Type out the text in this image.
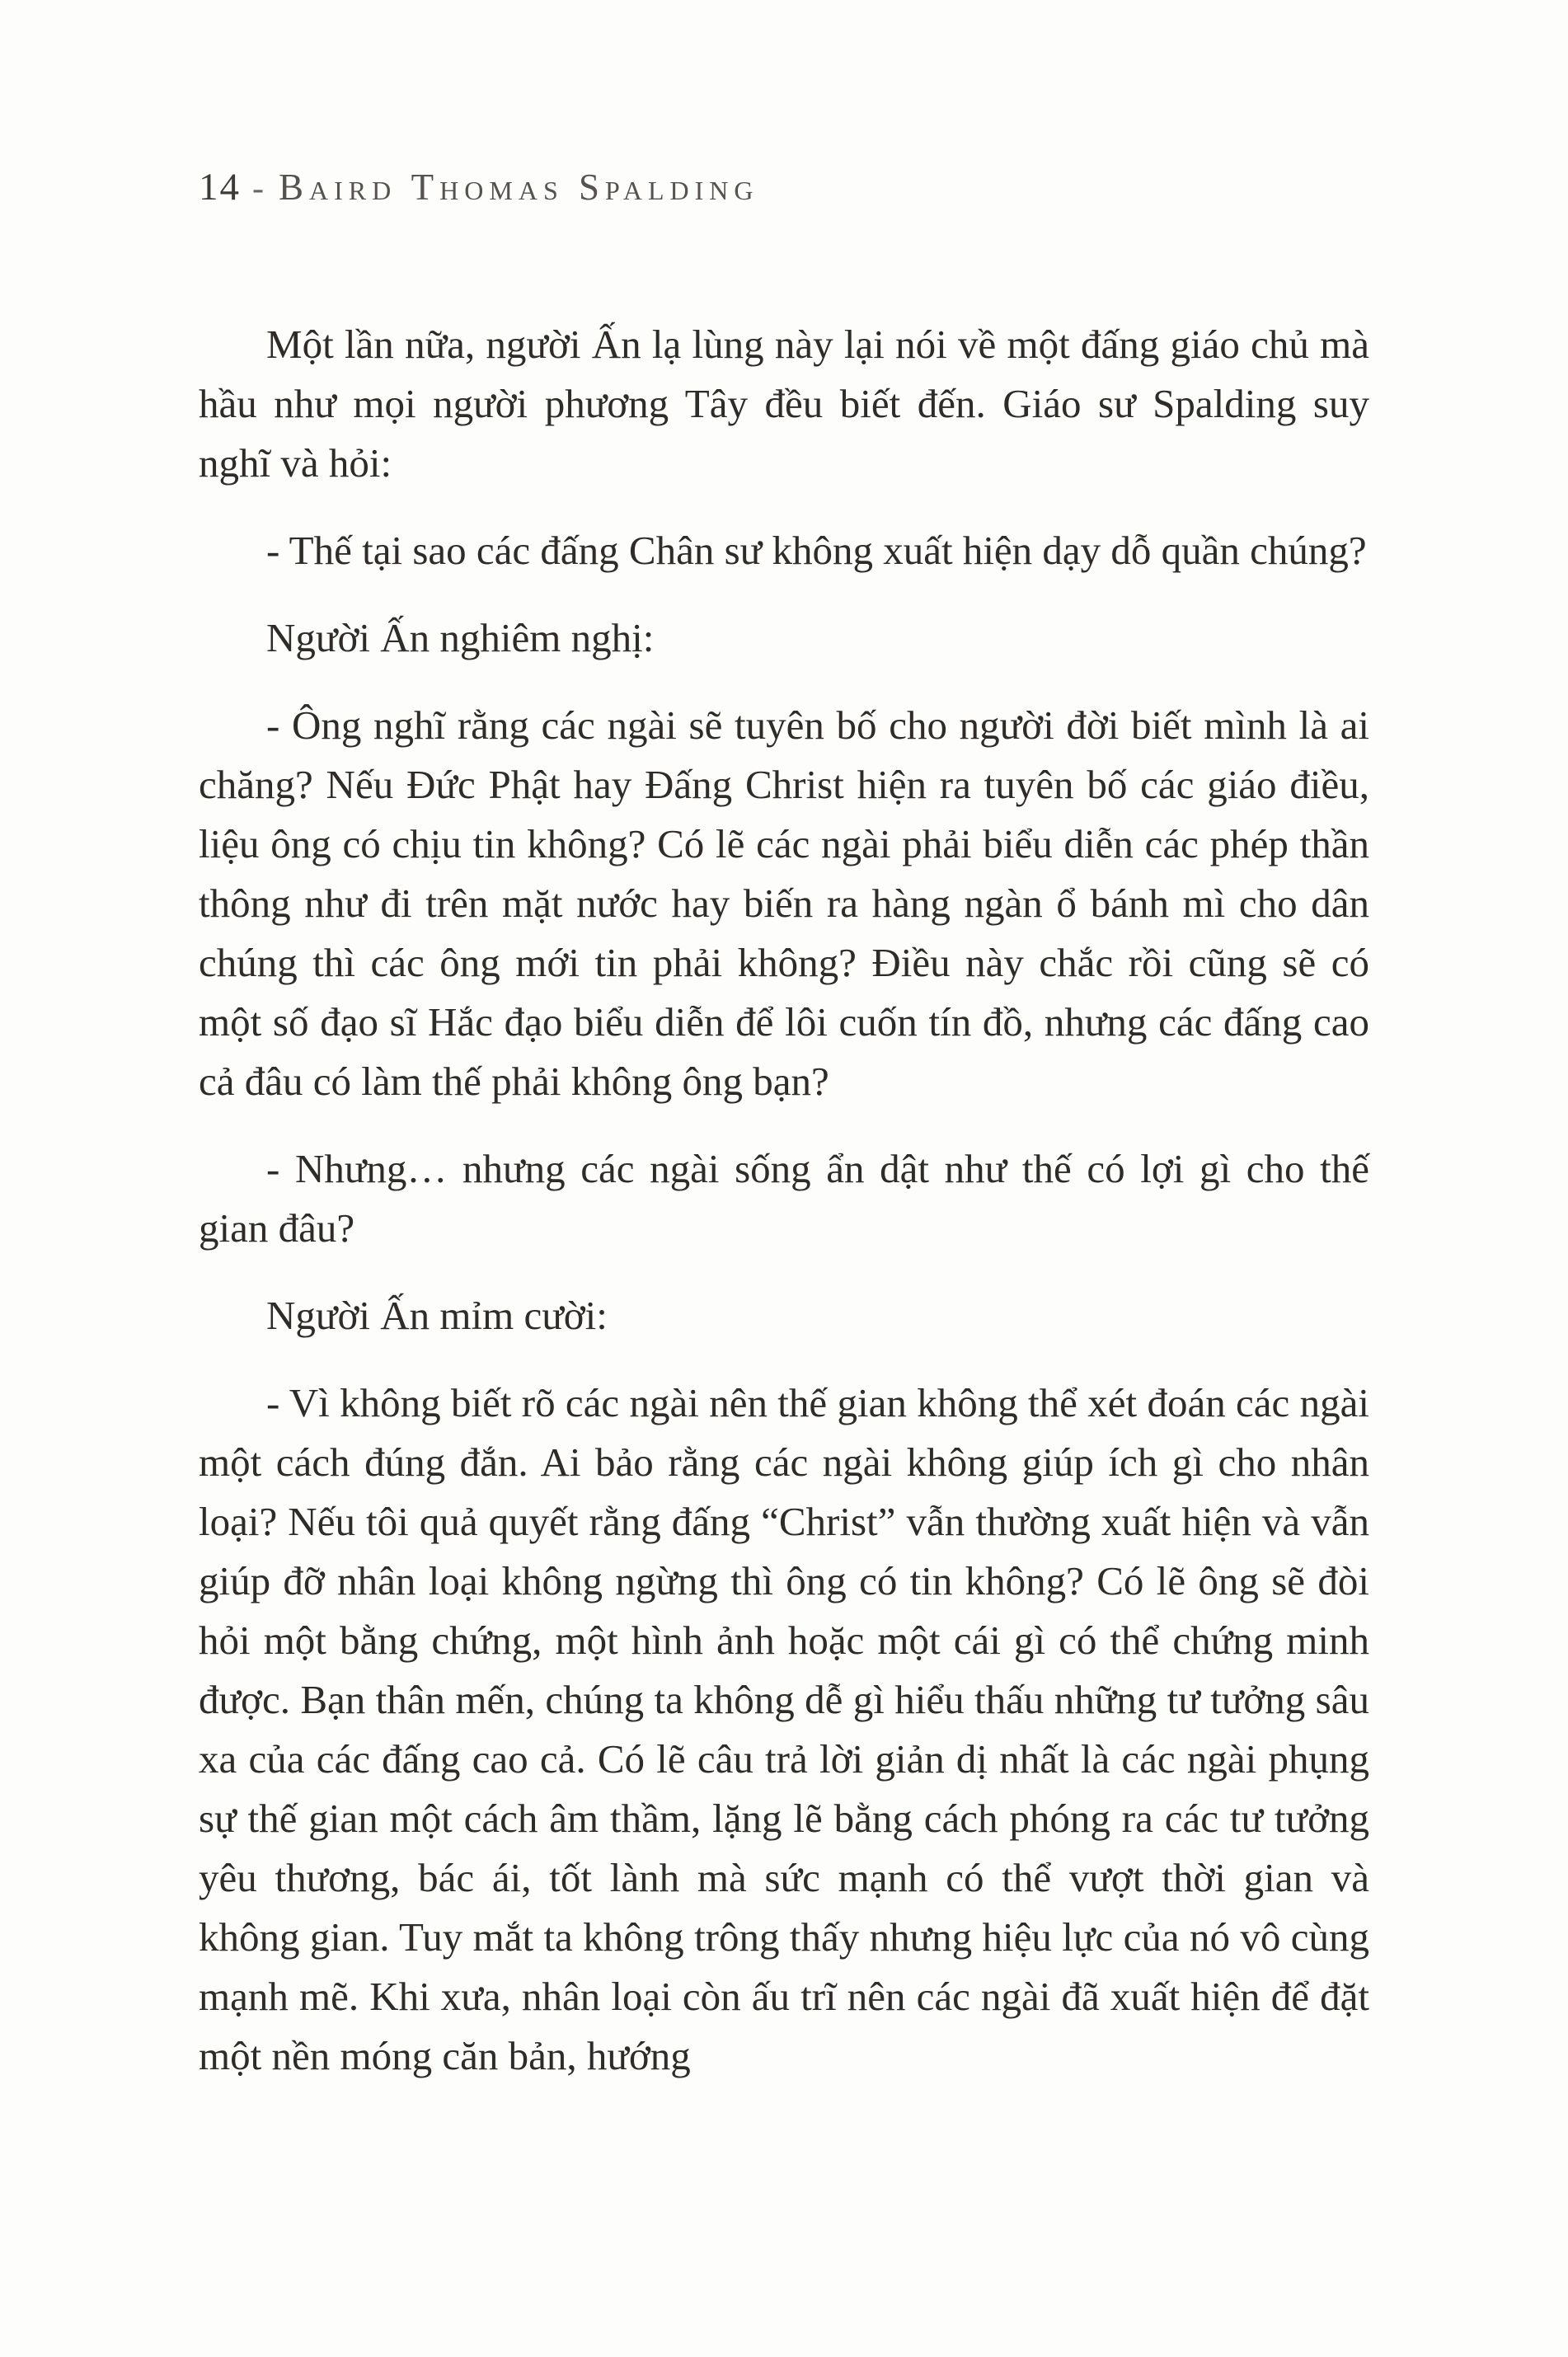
14 - Baird Thomas Spalding

Một lần nữa, người Ấn lạ lùng này lại nói về một đấng giáo chủ mà hầu như mọi người phương Tây đều biết đến. Giáo sư Spalding suy nghĩ và hỏi:

- Thế tại sao các đấng Chân sư không xuất hiện dạy dỗ quần chúng?

Người Ấn nghiêm nghị:

- Ông nghĩ rằng các ngài sẽ tuyên bố cho người đời biết mình là ai chăng? Nếu Đức Phật hay Đấng Christ hiện ra tuyên bố các giáo điều, liệu ông có chịu tin không? Có lẽ các ngài phải biểu diễn các phép thần thông như đi trên mặt nước hay biến ra hàng ngàn ổ bánh mì cho dân chúng thì các ông mới tin phải không? Điều này chắc rồi cũng sẽ có một số đạo sĩ Hắc đạo biểu diễn để lôi cuốn tín đồ, nhưng các đấng cao cả đâu có làm thế phải không ông bạn?

- Nhưng… nhưng các ngài sống ẩn dật như thế có lợi gì cho thế gian đâu?

Người Ấn mỉm cười:

- Vì không biết rõ các ngài nên thế gian không thể xét đoán các ngài một cách đúng đắn. Ai bảo rằng các ngài không giúp ích gì cho nhân loại? Nếu tôi quả quyết rằng đấng “Christ” vẫn thường xuất hiện và vẫn giúp đỡ nhân loại không ngừng thì ông có tin không? Có lẽ ông sẽ đòi hỏi một bằng chứng, một hình ảnh hoặc một cái gì có thể chứng minh được. Bạn thân mến, chúng ta không dễ gì hiểu thấu những tư tưởng sâu xa của các đấng cao cả. Có lẽ câu trả lời giản dị nhất là các ngài phụng sự thế gian một cách âm thầm, lặng lẽ bằng cách phóng ra các tư tưởng yêu thương, bác ái, tốt lành mà sức mạnh có thể vượt thời gian và không gian. Tuy mắt ta không trông thấy nhưng hiệu lực của nó vô cùng mạnh mẽ. Khi xưa, nhân loại còn ấu trĩ nên các ngài đã xuất hiện để đặt một nền móng căn bản, hướng
